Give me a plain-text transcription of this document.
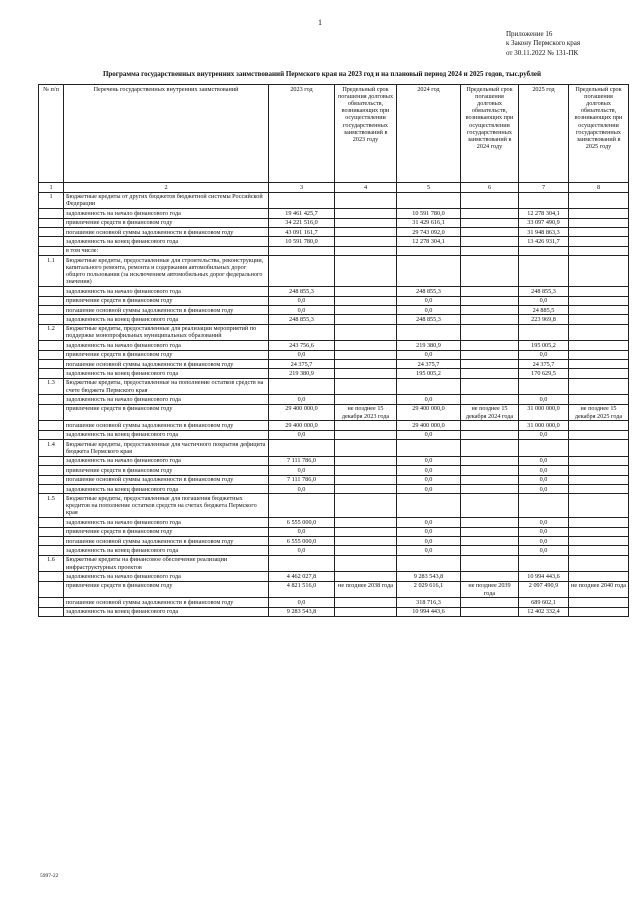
1
Приложение 16
к Закону Пермского края
от 30.11.2022 № 131-ПК
Программа государственных внутренних заимствований Пермского края на 2023 год и на плановый период 2024 и 2025 годов, тыс.рублей
№ п/п	Перечень государственных внутренних заимствований	2023 год	Предельный срок погашения долговых обязательств, возникающих при осуществлении государственных заимствований в 2023 году	2024 год	Предельный срок погашения долговых обязательств, возникающих при осуществлении государственных заимствований в 2024 году	2025 год	Предельный срок погашения долговых обязательств, возникающих при осуществлении государственных заимствований в 2025 году
1	2	3	4	5	6	7	8
1	Бюджетные кредиты от других бюджетов бюджетной системы Российской Федерации						
	задолженность на начало финансового года	19 461 425,7		10 591 780,0		12 278 304,1	
	привлечение средств в финансовом году	34 221 516,0		31 429 616,1		33 097 490,9	
	погашение основной суммы задолженности в финансовом году	43 091 161,7		29 743 092,0		31 948 863,3	
	задолженность на конец финансового года	10 591 780,0		12 278 304,1		13 426 931,7	
	в том числе:						
1.1	Бюджетные кредиты, предоставленные для строительства, реконструкции, капитального ремонта, ремонта и содержания автомобильных дорог общего пользования (за исключением автомобильных дорог федерального значения)						
	задолженность на начало финансового года	248 855,3		248 855,3		248 855,3	
	привлечение средств в финансовом году	0,0		0,0		0,0	
	погашение основной суммы задолженности в финансовом году	0,0		0,0		24 885,5	
	задолженность на конец финансового года	248 855,3		248 855,3		223 969,8	
1.2	Бюджетные кредиты, предоставленные для реализации мероприятий по поддержке монопрофильных муниципальных образований						
	задолженность на начало финансового года	243 756,6		219 380,9		195 005,2	
	привлечение средств в финансовом году	0,0		0,0		0,0	
	погашение основной суммы задолженности в финансовом году	24 375,7		24 375,7		24 375,7	
	задолженность на конец финансового года	219 380,9		195 005,2		170 629,5	
1.3	Бюджетные кредиты, предоставленные на пополнение остатков средств на счете бюджета Пермского края						
	задолженность на начало финансового года	0,0		0,0		0,0	
	привлечение средств в финансовом году	29 400 000,0	не позднее 15 декабря 2023 года	29 400 000,0	не позднее 15 декабря 2024 года	31 000 000,0	не позднее 15 декабря 2025 года
	погашение основной суммы задолженности в финансовом году	29 400 000,0		29 400 000,0		31 000 000,0	
	задолженность на конец финансового года	0,0		0,0		0,0	
1.4	Бюджетные кредиты, предоставленные для частичного покрытия дефицита бюджета Пермского края						
	задолженность на начало финансового года	7 111 786,0		0,0		0,0	
	привлечение средств в финансовом году	0,0		0,0		0,0	
	погашение основной суммы задолженности в финансовом году	7 111 786,0		0,0		0,0	
	задолженность на конец финансового года	0,0		0,0		0,0	
1.5	Бюджетные кредиты, предоставленные для погашения бюджетных кредитов на пополнение остатков средств на счетах бюджета Пермского края						
	задолженность на начало финансового года	6 555 000,0		0,0		0,0	
	привлечение средств в финансовом году	0,0		0,0		0,0	
	погашение основной суммы задолженности в финансовом году	6 555 000,0		0,0		0,0	
	задолженность на конец финансового года	0,0		0,0		0,0	
1.6	Бюджетные кредиты на финансовое обеспечение реализации инфраструктурных проектов						
	задолженность на начало финансового года	4 462 027,8		9 283 543,8		10 994 443,6	
	привлечение средств в финансовом году	4 821 516,0	не позднее 2038 года	2 029 616,1	не позднее 2039 года	2 097 490,9	не позднее 2040 года
	погашение основной суммы задолженности в финансовом году	0,0		318 716,3		689 602,1	
	задолженность на конец финансового года	9 283 543,8		10 994 443,6		12 402 332,4	
5997-22
